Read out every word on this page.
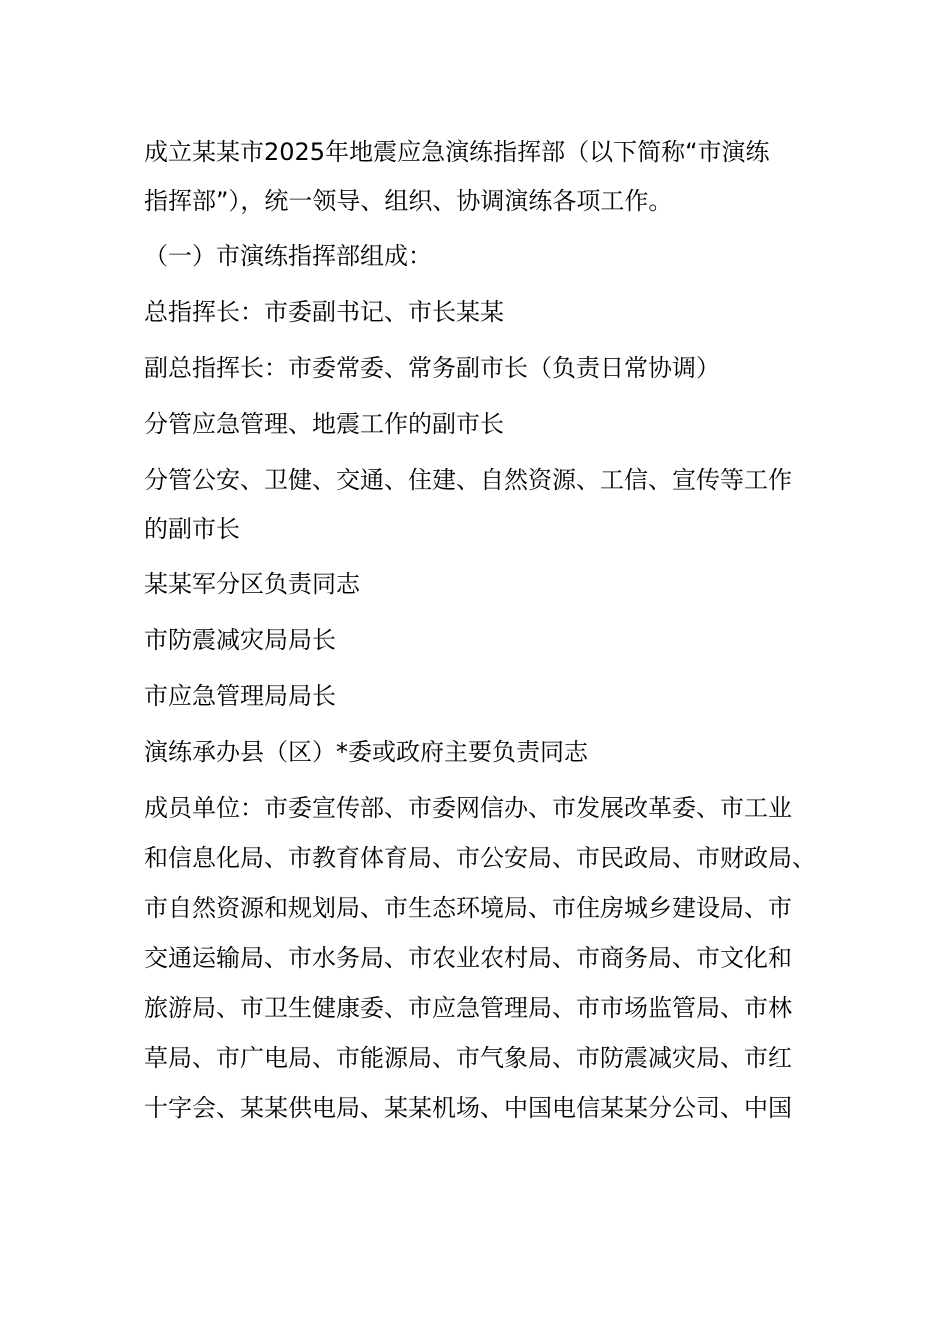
成立某某市2025年地震应急演练指挥部（以下简称“市演练
指挥部”），统一领导、组织、协调演练各项工作。
（一）市演练指挥部组成：
总指挥长：市委副书记、市长某某
副总指挥长：市委常委、常务副市长（负责日常协调）
分管应急管理、地震工作的副市长
分管公安、卫健、交通、住建、自然资源、工信、宣传等工作
的副市长
某某军分区负责同志
市防震减灾局局长
市应急管理局局长
演练承办县（区）*委或政府主要负责同志
成员单位：市委宣传部、市委网信办、市发展改革委、市工业
和信息化局、市教育体育局、市公安局、市民政局、市财政局、
市自然资源和规划局、市生态环境局、市住房城乡建设局、市
交通运输局、市水务局、市农业农村局、市商务局、市文化和
旅游局、市卫生健康委、市应急管理局、市市场监管局、市林
草局、市广电局、市能源局、市气象局、市防震减灾局、市红
十字会、某某供电局、某某机场、中国电信某某分公司、中国
